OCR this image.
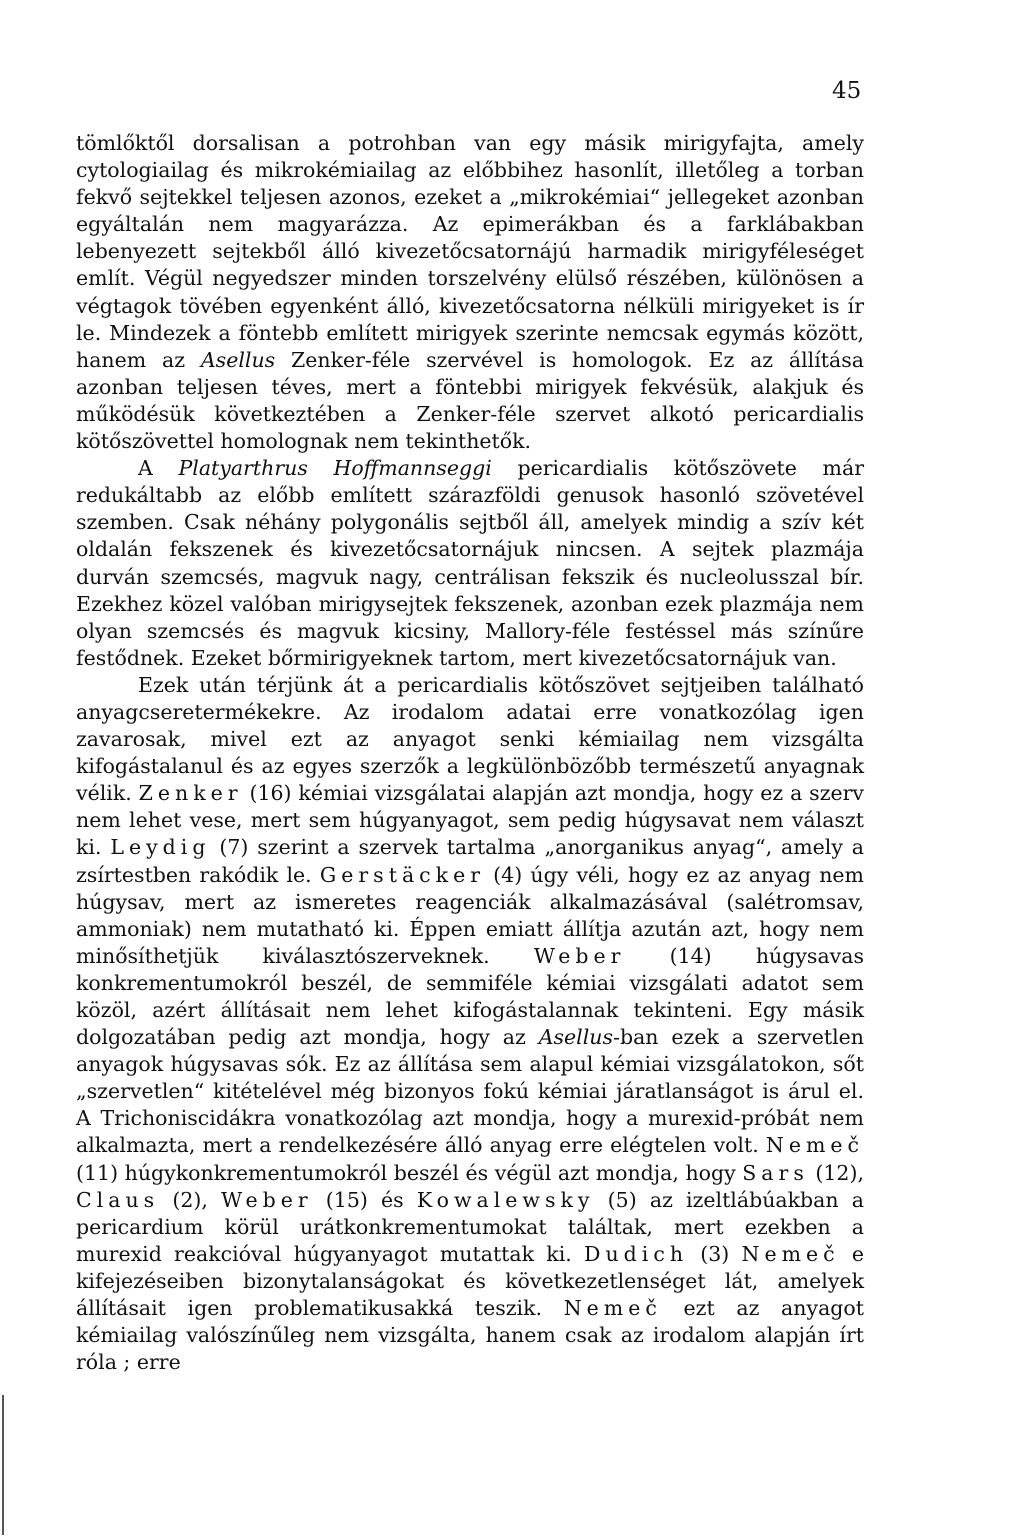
45

tömlőktől dorsalisan a potrohban van egy másik mirigyfajta, amely cytologiailag és mikrokémiailag az előbbihez hasonlít, illetőleg a torban fekvő sejtekkel teljesen azonos, ezeket a „mikrokémiai“ jellegeket azonban egyáltalán nem magyarázza. Az epimerákban és a farklábakban lebenyezett sejtekből álló kivezetőcsatornájú harmadik mirigyféleséget említ. Végül negyedszer minden torszelvény elülső részében, különösen a végtagok tövében egyenként álló, kivezetőcsatorna nélküli mirigyeket is ír le. Mindezek a föntebb említett mirigyek szerinte nemcsak egymás között, hanem az Asellus Zenker-féle szervével is homologok. Ez az állítása azonban teljesen téves, mert a föntebbi mirigyek fekvésük, alakjuk és működésük következtében a Zenker-féle szervet alkotó pericardialis kötőszövettel homolognak nem tekinthetők.

A Platyarthrus Hoffmannseggi pericardialis kötőszövete már redukáltabb az előbb említett szárazföldi genusok hasonló szövetével szemben. Csak néhány polygonális sejtből áll, amelyek mindig a szív két oldalán fekszenek és kivezetőcsatornájuk nincsen. A sejtek plazmája durván szemcsés, magvuk nagy, centrálisan fekszik és nucleolusszal bír. Ezekhez közel valóban mirigysejtek fekszenek, azonban ezek plazmája nem olyan szemcsés és magvuk kicsiny, Mallory-féle festéssel más színűre festődnek. Ezeket bőrmirigyeknek tartom, mert kivezetőcsatornájuk van.

Ezek után térjünk át a pericardialis kötőszövet sejtjeiben található anyagcseretermékekre. Az irodalom adatai erre vonatkozólag igen zavarosak, mivel ezt az anyagot senki kémiailag nem vizsgálta kifogástalanul és az egyes szerzők a legkülönbözőbb természetű anyagnak vélik. Zenker (16) kémiai vizsgálatai alapján azt mondja, hogy ez a szerv nem lehet vese, mert sem húgyanyagot, sem pedig húgysavat nem választ ki. Leydig (7) szerint a szervek tartalma „anorganikus anyag“, amely a zsírtestben rakódik le. Gerstäcker (4) úgy véli, hogy ez az anyag nem húgysav, mert az ismeretes reagenciák alkalmazásával (salétromsav, ammoniak) nem mutatható ki. Éppen emiatt állítja azután azt, hogy nem minősíthetjük kiválasztószerveknek. Weber (14) húgysavas konkrementumokról beszél, de semmiféle kémiai vizsgálati adatot sem közöl, azért állításait nem lehet kifogástalannak tekinteni. Egy másik dolgozatában pedig azt mondja, hogy az Asellus-ban ezek a szervetlen anyagok húgysavas sók. Ez az állítása sem alapul kémiai vizsgálatokon, sőt „szervetlen“ kitételével még bizonyos fokú kémiai járatlanságot is árul el. A Trichoniscidákra vonatkozólag azt mondja, hogy a murexid-próbát nem alkalmazta, mert a rendelkezésére álló anyag erre elégtelen volt. Nemeč (11) húgykonkrementumokról beszél és végül azt mondja, hogy Sars (12), Claus (2), Weber (15) és Kowalewsky (5) az izeltlábúakban a pericardium körül urátkonkrementumokat találtak, mert ezekben a murexid reakcióval húgyanyagot mutattak ki. Dudich (3) Nemeč e kifejezéseiben bizonytalanságokat és következetlenséget lát, amelyek állításait igen problematikusakká teszik. Nemeč ezt az anyagot kémiailag valószínűleg nem vizsgálta, hanem csak az irodalom alapján írt róla ; erre
